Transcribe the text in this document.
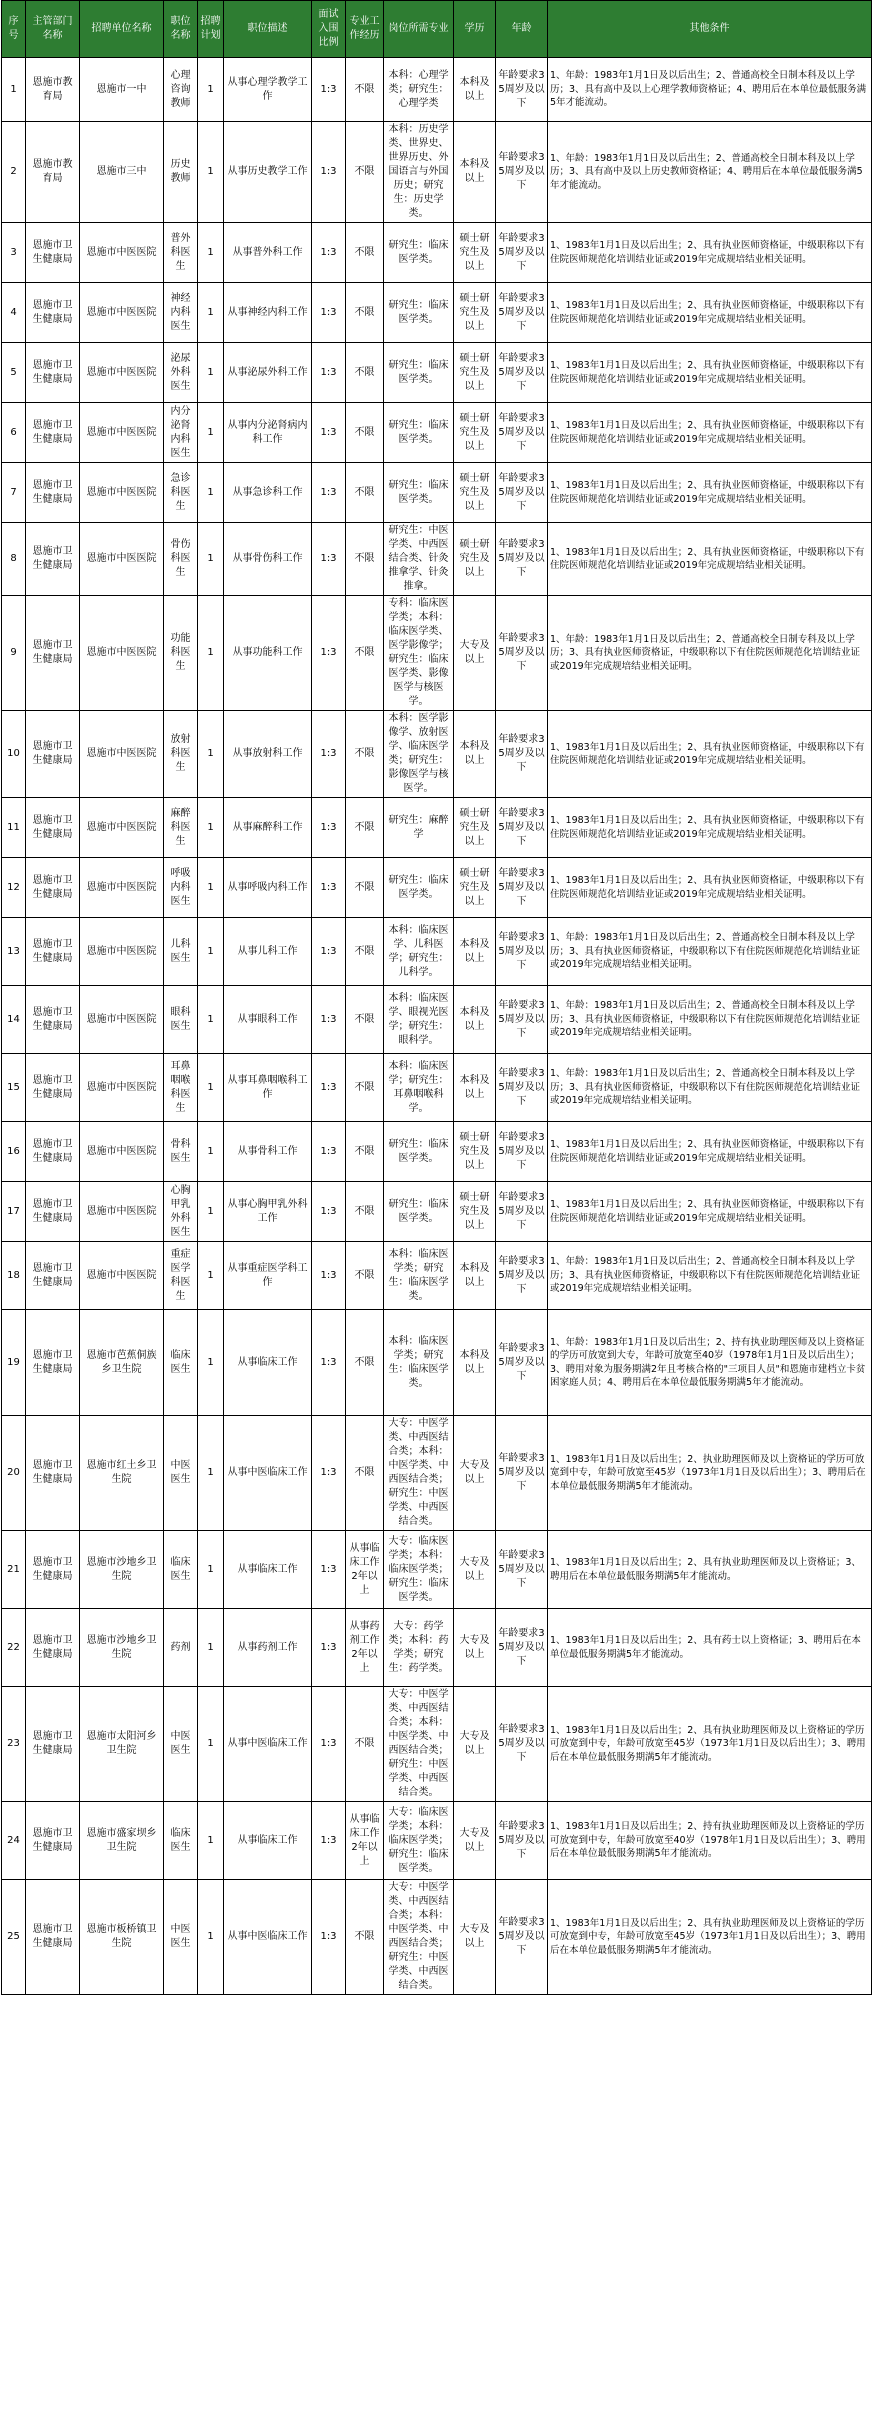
序号	主管部门名称	招聘单位名称	职位名称	招聘计划	职位描述	面试入围比例	专业工作经历	岗位所需专业	学历	年龄	其他条件
1	恩施市教育局	恩施市一中	心理咨询教师	1	从事心理学教学工作	1:3	不限	本科：心理学类；研究生：心理学类	本科及以上	年龄要求35周岁及以下	1、年龄：1983年1月1日及以后出生；2、普通高校全日制本科及以上学历；3、具有高中及以上心理学教师资格证；4、聘用后在本单位最低服务满5年才能流动。
2	恩施市教育局	恩施市三中	历史教师	1	从事历史教学工作	1:3	不限	本科：历史学类、世界史、世界历史、外国语言与外国历史；研究生：历史学类。	本科及以上	年龄要求35周岁及以下	1、年龄：1983年1月1日及以后出生；2、普通高校全日制本科及以上学历；3、具有高中及以上历史教师资格证；4、聘用后在本单位最低服务满5年才能流动。
3	恩施市卫生健康局	恩施市中医医院	普外科医生	1	从事普外科工作	1:3	不限	研究生：临床医学类。	硕士研究生及以上	年龄要求35周岁及以下	1、1983年1月1日及以后出生；2、具有执业医师资格证，中级职称以下有住院医师规范化培训结业证或2019年完成规培结业相关证明。
4	恩施市卫生健康局	恩施市中医医院	神经内科医生	1	从事神经内科工作	1:3	不限	研究生：临床医学类。	硕士研究生及以上	年龄要求35周岁及以下	1、1983年1月1日及以后出生；2、具有执业医师资格证，中级职称以下有住院医师规范化培训结业证或2019年完成规培结业相关证明。
5	恩施市卫生健康局	恩施市中医医院	泌尿外科医生	1	从事泌尿外科工作	1:3	不限	研究生：临床医学类。	硕士研究生及以上	年龄要求35周岁及以下	1、1983年1月1日及以后出生；2、具有执业医师资格证，中级职称以下有住院医师规范化培训结业证或2019年完成规培结业相关证明。
6	恩施市卫生健康局	恩施市中医医院	内分泌肾内科医生	1	从事内分泌肾病内科工作	1:3	不限	研究生：临床医学类。	硕士研究生及以上	年龄要求35周岁及以下	1、1983年1月1日及以后出生；2、具有执业医师资格证，中级职称以下有住院医师规范化培训结业证或2019年完成规培结业相关证明。
7	恩施市卫生健康局	恩施市中医医院	急诊科医生	1	从事急诊科工作	1:3	不限	研究生：临床医学类。	硕士研究生及以上	年龄要求35周岁及以下	1、1983年1月1日及以后出生；2、具有执业医师资格证，中级职称以下有住院医师规范化培训结业证或2019年完成规培结业相关证明。
8	恩施市卫生健康局	恩施市中医医院	骨伤科医生	1	从事骨伤科工作	1:3	不限	研究生：中医学类、中西医结合类、针灸推拿学、针灸推拿。	硕士研究生及以上	年龄要求35周岁及以下	1、1983年1月1日及以后出生；2、具有执业医师资格证，中级职称以下有住院医师规范化培训结业证或2019年完成规培结业相关证明。
9	恩施市卫生健康局	恩施市中医医院	功能科医生	1	从事功能科工作	1:3	不限	专科：临床医学类；本科：临床医学类、医学影像学；研究生：临床医学类、影像医学与核医学。	大专及以上	年龄要求35周岁及以下	1、年龄：1983年1月1日及以后出生；2、普通高校全日制专科及以上学历；3、具有执业医师资格证，中级职称以下有住院医师规范化培训结业证或2019年完成规培结业相关证明。
10	恩施市卫生健康局	恩施市中医医院	放射科医生	1	从事放射科工作	1:3	不限	本科：医学影像学、放射医学、临床医学类；研究生：影像医学与核医学。	本科及以上	年龄要求35周岁及以下	1、1983年1月1日及以后出生；2、具有执业医师资格证，中级职称以下有住院医师规范化培训结业证或2019年完成规培结业相关证明。
11	恩施市卫生健康局	恩施市中医医院	麻醉科医生	1	从事麻醉科工作	1:3	不限	研究生：麻醉学	硕士研究生及以上	年龄要求35周岁及以下	1、1983年1月1日及以后出生；2、具有执业医师资格证，中级职称以下有住院医师规范化培训结业证或2019年完成规培结业相关证明。
12	恩施市卫生健康局	恩施市中医医院	呼吸内科医生	1	从事呼吸内科工作	1:3	不限	研究生：临床医学类。	硕士研究生及以上	年龄要求35周岁及以下	1、1983年1月1日及以后出生；2、具有执业医师资格证，中级职称以下有住院医师规范化培训结业证或2019年完成规培结业相关证明。
13	恩施市卫生健康局	恩施市中医医院	儿科医生	1	从事儿科工作	1:3	不限	本科：临床医学、儿科医学；研究生：儿科学。	本科及以上	年龄要求35周岁及以下	1、年龄：1983年1月1日及以后出生；2、普通高校全日制本科及以上学历；3、具有执业医师资格证，中级职称以下有住院医师规范化培训结业证或2019年完成规培结业相关证明。
14	恩施市卫生健康局	恩施市中医医院	眼科医生	1	从事眼科工作	1:3	不限	本科：临床医学、眼视光医学；研究生：眼科学。	本科及以上	年龄要求35周岁及以下	1、年龄：1983年1月1日及以后出生；2、普通高校全日制本科及以上学历；3、具有执业医师资格证，中级职称以下有住院医师规范化培训结业证或2019年完成规培结业相关证明。
15	恩施市卫生健康局	恩施市中医医院	耳鼻咽喉科医生	1	从事耳鼻咽喉科工作	1:3	不限	本科：临床医学；研究生：耳鼻咽喉科学。	本科及以上	年龄要求35周岁及以下	1、年龄：1983年1月1日及以后出生；2、普通高校全日制本科及以上学历；3、具有执业医师资格证，中级职称以下有住院医师规范化培训结业证或2019年完成规培结业相关证明。
16	恩施市卫生健康局	恩施市中医医院	骨科医生	1	从事骨科工作	1:3	不限	研究生：临床医学类。	硕士研究生及以上	年龄要求35周岁及以下	1、1983年1月1日及以后出生；2、具有执业医师资格证，中级职称以下有住院医师规范化培训结业证或2019年完成规培结业相关证明。
17	恩施市卫生健康局	恩施市中医医院	心胸甲乳外科医生	1	从事心胸甲乳外科工作	1:3	不限	研究生：临床医学类。	硕士研究生及以上	年龄要求35周岁及以下	1、1983年1月1日及以后出生；2、具有执业医师资格证，中级职称以下有住院医师规范化培训结业证或2019年完成规培结业相关证明。
18	恩施市卫生健康局	恩施市中医医院	重症医学科医生	1	从事重症医学科工作	1:3	不限	本科：临床医学类；研究生：临床医学类。	本科及以上	年龄要求35周岁及以下	1、年龄：1983年1月1日及以后出生；2、普通高校全日制本科及以上学历；3、具有执业医师资格证，中级职称以下有住院医师规范化培训结业证或2019年完成规培结业相关证明。
19	恩施市卫生健康局	恩施市芭蕉侗族乡卫生院	临床医生	1	从事临床工作	1:3	不限	本科：临床医学类；研究生：临床医学类。	本科及以上	年龄要求35周岁及以下	1、年龄：1983年1月1日及以后出生；2、持有执业助理医师及以上资格证的学历可放宽到大专，年龄可放宽至40岁（1978年1月1日及以后出生）；3、聘用对象为服务期满2年且考核合格的"三项目人员"和恩施市建档立卡贫困家庭人员；4、聘用后在本单位最低服务期满5年才能流动。
20	恩施市卫生健康局	恩施市红土乡卫生院	中医医生	1	从事中医临床工作	1:3	不限	大专：中医学类、中西医结合类；本科：中医学类、中西医结合类；研究生：中医学类、中西医结合类。	大专及以上	年龄要求35周岁及以下	1、1983年1月1日及以后出生；2、执业助理医师及以上资格证的学历可放宽到中专，年龄可放宽至45岁（1973年1月1日及以后出生）；3、聘用后在本单位最低服务期满5年才能流动。
21	恩施市卫生健康局	恩施市沙地乡卫生院	临床医生	1	从事临床工作	1:3	从事临床工作2年以上	大专：临床医学类；本科：临床医学类；研究生：临床医学类。	大专及以上	年龄要求35周岁及以下	1、1983年1月1日及以后出生；2、具有执业助理医师及以上资格证；3、聘用后在本单位最低服务期满5年才能流动。
22	恩施市卫生健康局	恩施市沙地乡卫生院	药剂	1	从事药剂工作	1:3	从事药剂工作2年以上	大专：药学类；本科：药学类；研究生：药学类。	大专及以上	年龄要求35周岁及以下	1、1983年1月1日及以后出生；2、具有药士以上资格证；3、聘用后在本单位最低服务期满5年才能流动。
23	恩施市卫生健康局	恩施市太阳河乡卫生院	中医医生	1	从事中医临床工作	1:3	不限	大专：中医学类、中西医结合类；本科：中医学类、中西医结合类；研究生：中医学类、中西医结合类。	大专及以上	年龄要求35周岁及以下	1、1983年1月1日及以后出生；2、具有执业助理医师及以上资格证的学历可放宽到中专，年龄可放宽至45岁（1973年1月1日及以后出生）；3、聘用后在本单位最低服务期满5年才能流动。
24	恩施市卫生健康局	恩施市盛家坝乡卫生院	临床医生	1	从事临床工作	1:3	从事临床工作2年以上	大专：临床医学类；本科：临床医学类；研究生：临床医学类。	大专及以上	年龄要求35周岁及以下	1、1983年1月1日及以后出生；2、持有执业助理医师及以上资格证的学历可放宽到中专，年龄可放宽至40岁（1978年1月1日及以后出生）；3、聘用后在本单位最低服务期满5年才能流动。
25	恩施市卫生健康局	恩施市板桥镇卫生院	中医医生	1	从事中医临床工作	1:3	不限	大专：中医学类、中西医结合类；本科：中医学类、中西医结合类；研究生：中医学类、中西医结合类。	大专及以上	年龄要求35周岁及以下	1、1983年1月1日及以后出生；2、具有执业助理医师及以上资格证的学历可放宽到中专，年龄可放宽至45岁（1973年1月1日及以后出生）；3、聘用后在本单位最低服务期满5年才能流动。
